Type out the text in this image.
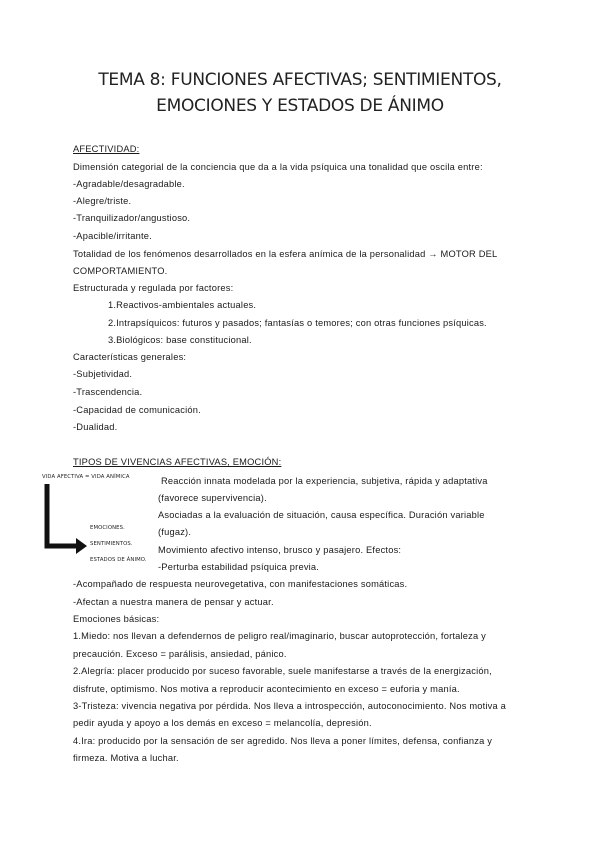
TEMA 8: FUNCIONES AFECTIVAS; SENTIMIENTOS,
EMOCIONES Y ESTADOS DE ÁNIMO
AFECTIVIDAD:
Dimensión categorial de la conciencia que da a la vida psíquica una tonalidad que oscila entre:
-Agradable/desagradable.
-Alegre/triste.
-Tranquilizador/angustioso.
-Apacible/irritante.
Totalidad de los fenómenos desarrollados en la esfera anímica de la personalidad → MOTOR DEL
COMPORTAMIENTO.
Estructurada y regulada por factores:
1.Reactivos-ambientales actuales.
2.Intrapsíquicos: futuros y pasados; fantasías o temores; con otras funciones psíquicas.
3.Biológicos: base constitucional.
Características generales:
-Subjetividad.
-Trascendencia.
-Capacidad de comunicación.
-Dualidad.
TIPOS DE VIVENCIAS AFECTIVAS, EMOCIÓN:
VIDA AFECTIVA = VIDA ANÍMICA
EMOCIONES.
SENTIMIENTOS.
ESTADOS DE ÁNIMO.
Reacción innata modelada por la experiencia, subjetiva, rápida y adaptativa
(favorece supervivencia).
Asociadas a la evaluación de situación, causa específica. Duración variable
(fugaz).
Movimiento afectivo intenso, brusco y pasajero. Efectos:
-Perturba estabilidad psíquica previa.
-Acompañado de respuesta neurovegetativa, con manifestaciones somáticas.
-Afectan a nuestra manera de pensar y actuar.
Emociones básicas:
1.Miedo: nos llevan a defendernos de peligro real/imaginario, buscar autoprotección, fortaleza y
precaución. Exceso = parálisis, ansiedad, pánico.
2.Alegría: placer producido por suceso favorable, suele manifestarse a través de la energización,
disfrute, optimismo. Nos motiva a reproducir acontecimiento en exceso = euforia y manía.
3-Tristeza: vivencia negativa por pérdida. Nos lleva a introspección, autoconocimiento. Nos motiva a
pedir ayuda y apoyo a los demás en exceso = melancolía, depresión.
4.Ira: producido por la sensación de ser agredido. Nos lleva a poner límites, defensa, confianza y
firmeza. Motiva a luchar.
